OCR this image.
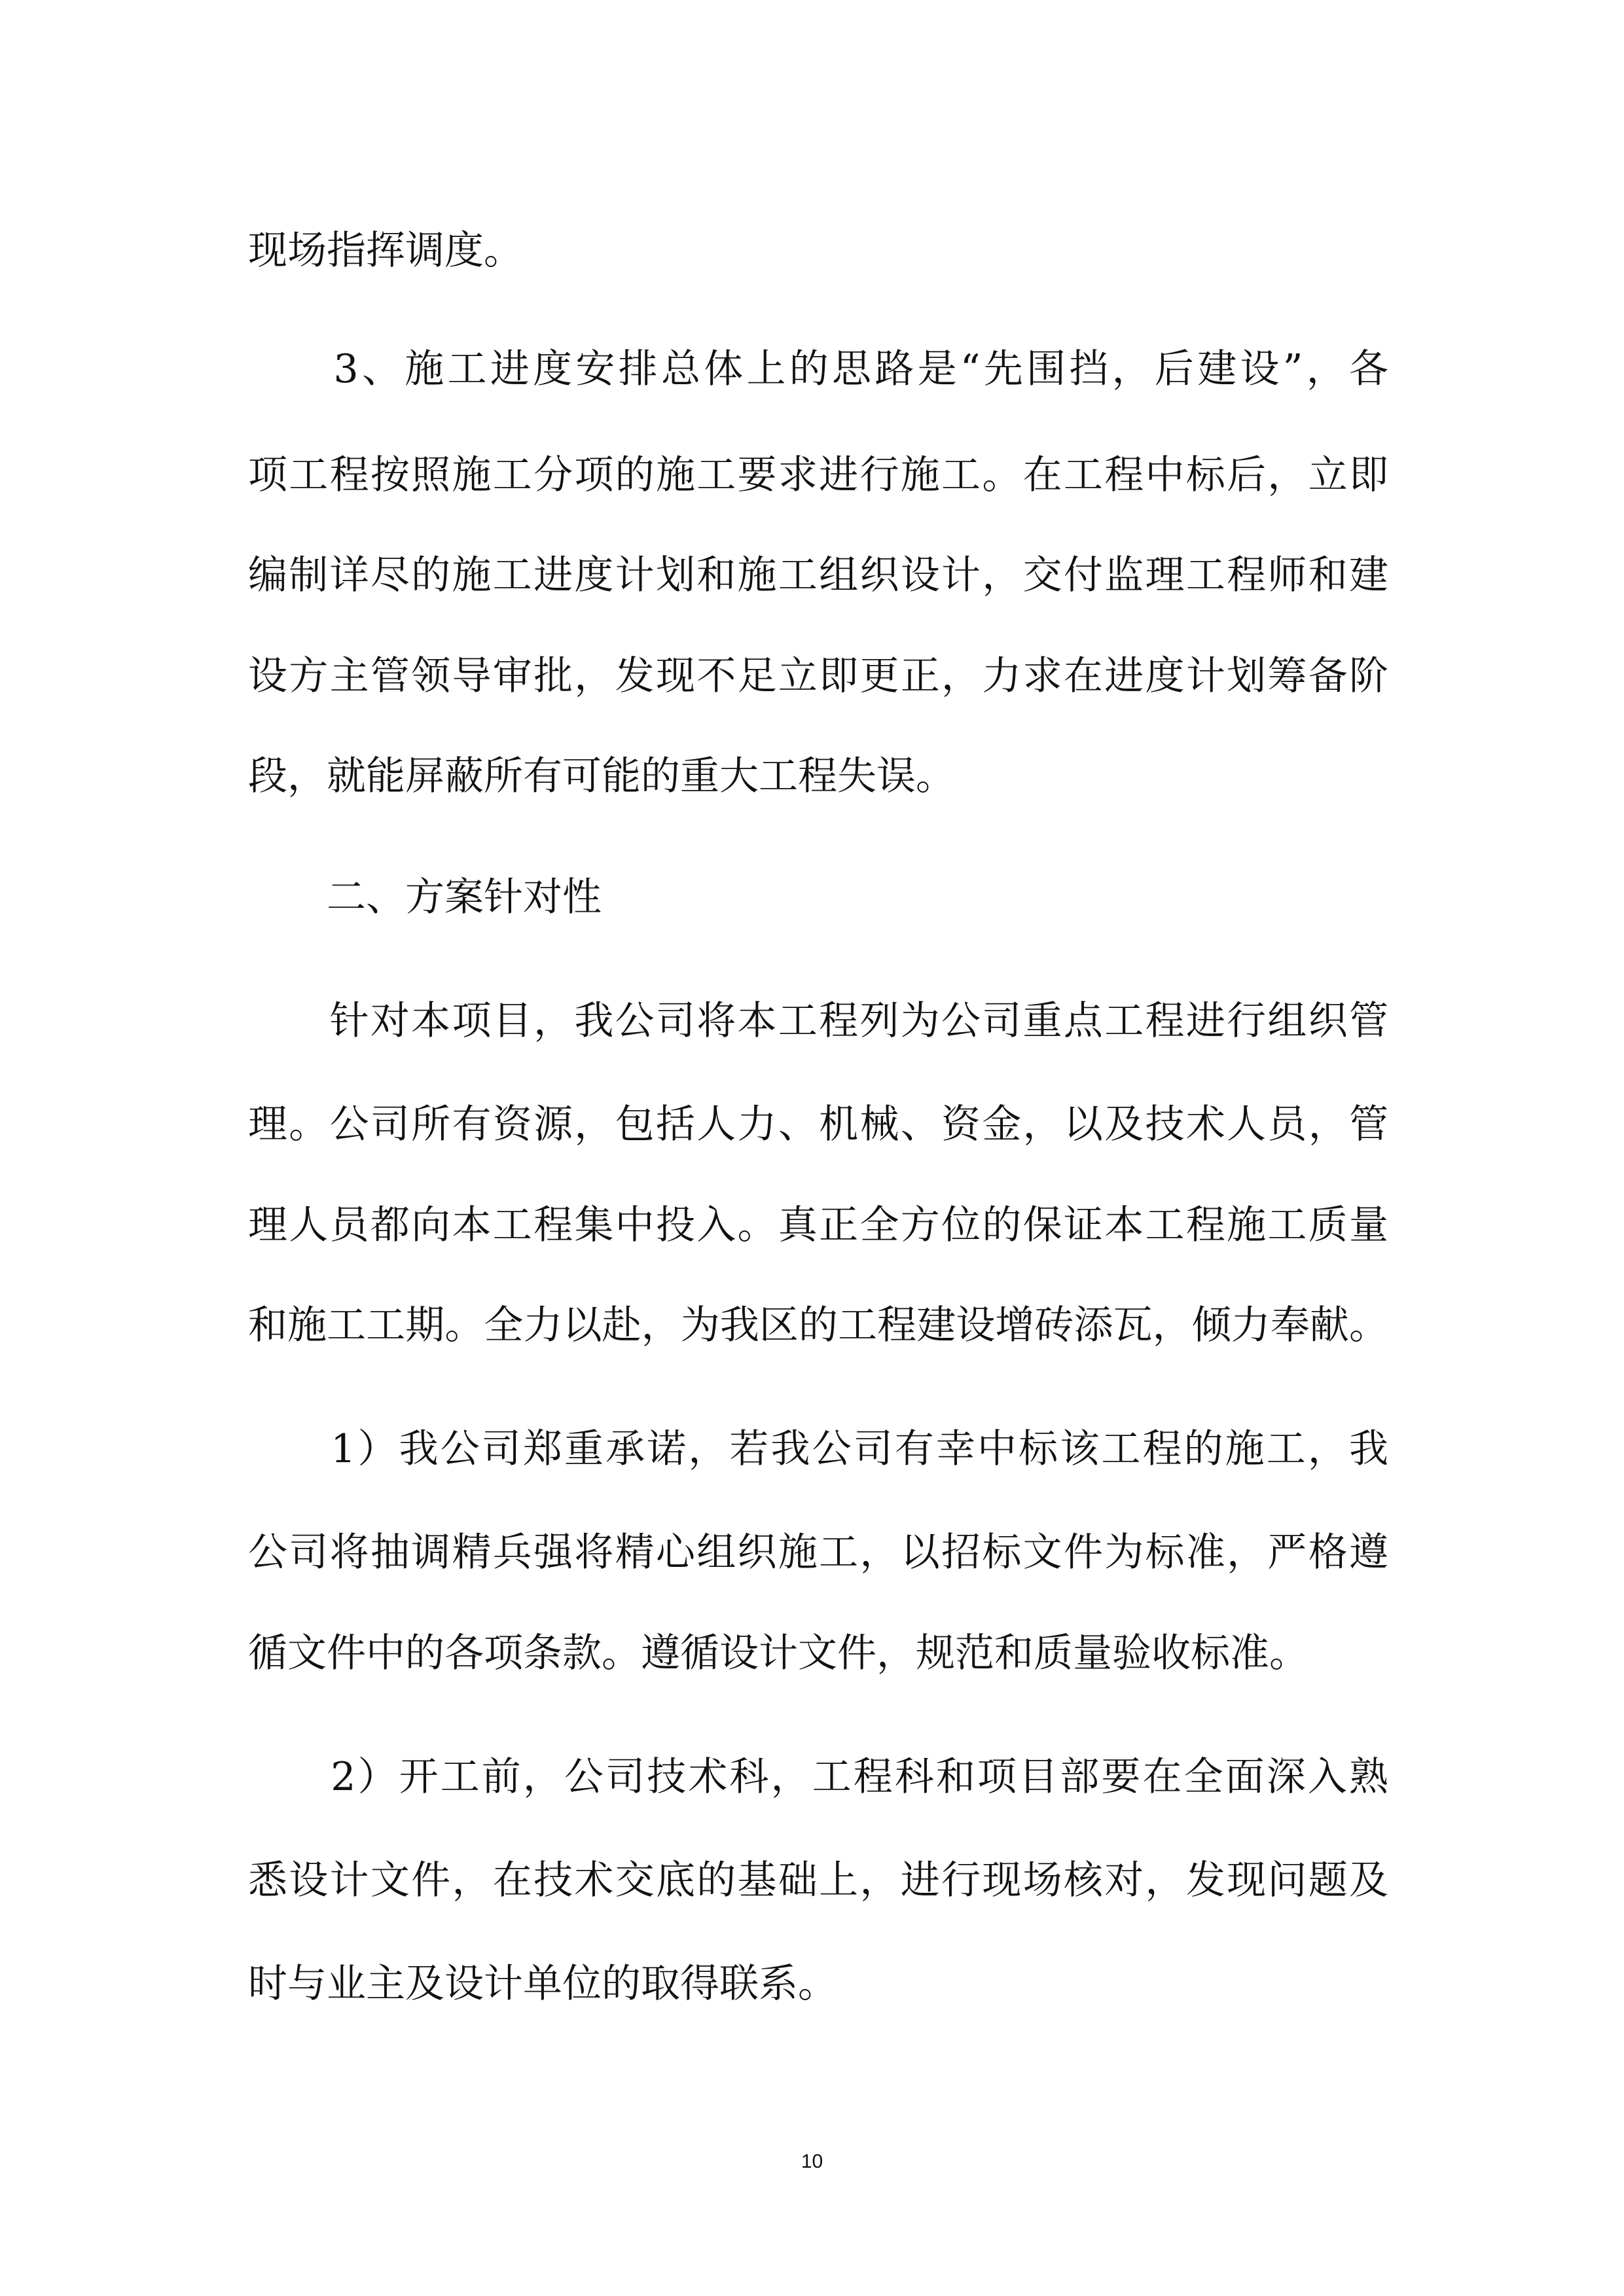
现场指挥调度。
　　3、施工进度安排总体上的思路是“先围挡，后建设”，各
项工程按照施工分项的施工要求进行施工。在工程中标后，立即
编制详尽的施工进度计划和施工组织设计，交付监理工程师和建
设方主管领导审批，发现不足立即更正，力求在进度计划筹备阶
段，就能屏蔽所有可能的重大工程失误。
　　二、方案针对性
　　针对本项目，我公司将本工程列为公司重点工程进行组织管
理。公司所有资源，包括人力、机械、资金，以及技术人员，管
理人员都向本工程集中投入。真正全方位的保证本工程施工质量
和施工工期。全力以赴，为我区的工程建设增砖添瓦，倾力奉献。
　　1）我公司郑重承诺，若我公司有幸中标该工程的施工，我
公司将抽调精兵强将精心组织施工，以招标文件为标准，严格遵
循文件中的各项条款。遵循设计文件，规范和质量验收标准。
　　2）开工前，公司技术科，工程科和项目部要在全面深入熟
悉设计文件，在技术交底的基础上，进行现场核对，发现问题及
时与业主及设计单位的取得联系。
10
